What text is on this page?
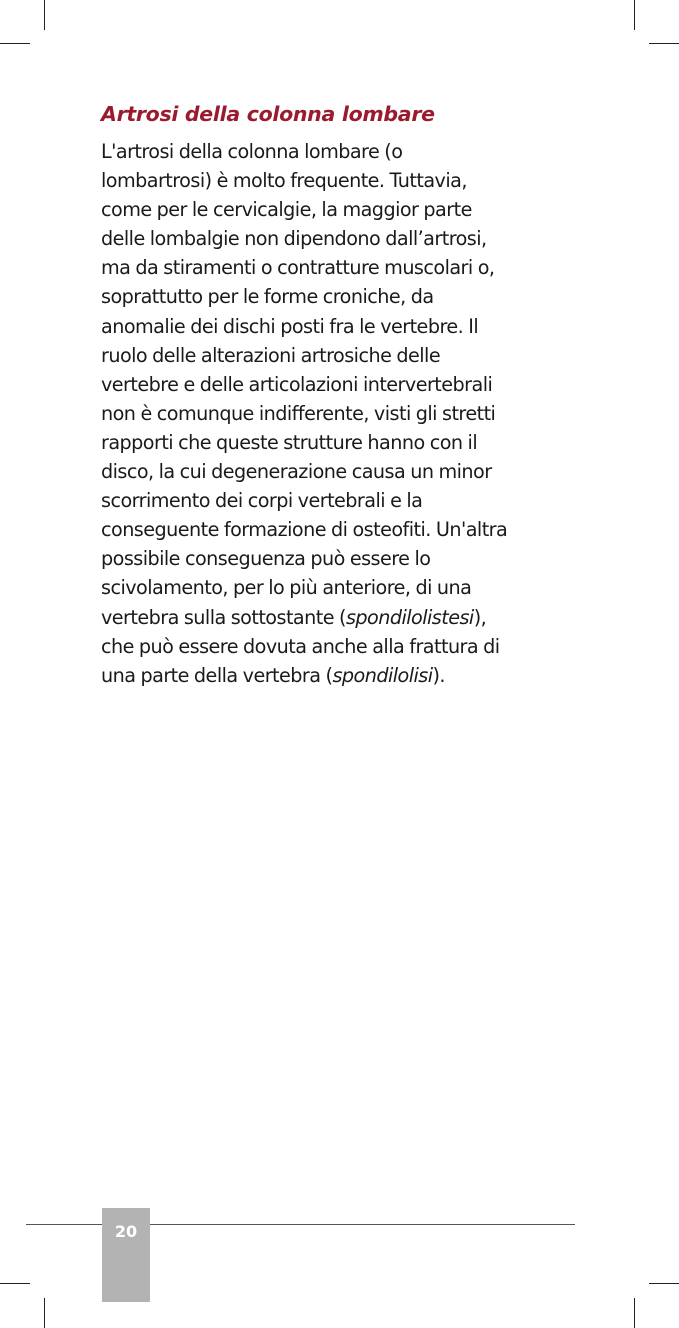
Artrosi della colonna lombare
L'artrosi della colonna lombare (o
lombartrosi) è molto frequente. Tuttavia,
come per le cervicalgie, la maggior parte
delle lombalgie non dipendono dall’artrosi,
ma da stiramenti o contratture muscolari o,
soprattutto per le forme croniche, da
anomalie dei dischi posti fra le vertebre. Il
ruolo delle alterazioni artrosiche delle
vertebre e delle articolazioni intervertebrali
non è comunque indifferente, visti gli stretti
rapporti che queste strutture hanno con il
disco, la cui degenerazione causa un minor
scorrimento dei corpi vertebrali e la
conseguente formazione di osteofiti. Un'altra
possibile conseguenza può essere lo
scivolamento, per lo più anteriore, di una
vertebra sulla sottostante (spondilolistesi),
che può essere dovuta anche alla frattura di
una parte della vertebra (spondilolisi).
20
